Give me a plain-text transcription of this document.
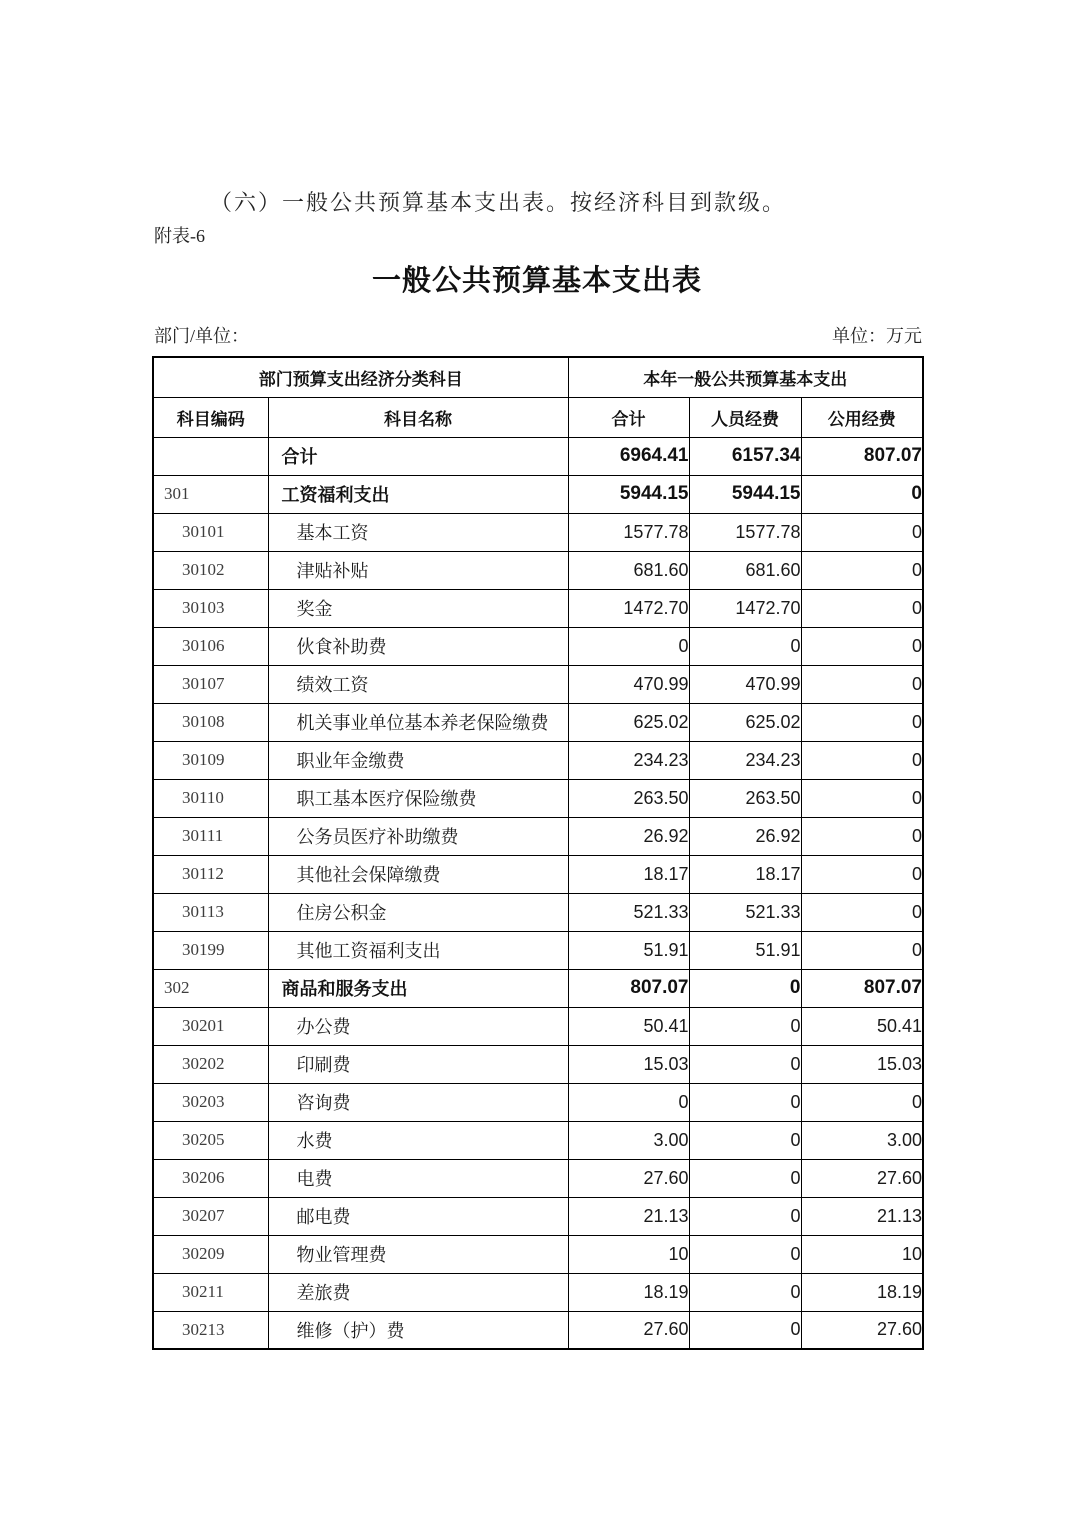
（六）一般公共预算基本支出表。按经济科目到款级。

附表-6

一般公共预算基本支出表
部门/单位：	单位：万元
部门预算支出经济分类科目		本年一般公共预算基本支出		
科目编码	科目名称	合计	人员经费	公用经费
	合计	6964.41	6157.34	807.07
301	工资福利支出	5944.15	5944.15	0
30101	基本工资	1577.78	1577.78	0
30102	津贴补贴	681.60	681.60	0
30103	奖金	1472.70	1472.70	0
30106	伙食补助费	0	0	0
30107	绩效工资	470.99	470.99	0
30108	机关事业单位基本养老保险缴费	625.02	625.02	0
30109	职业年金缴费	234.23	234.23	0
30110	职工基本医疗保险缴费	263.50	263.50	0
30111	公务员医疗补助缴费	26.92	26.92	0
30112	其他社会保障缴费	18.17	18.17	0
30113	住房公积金	521.33	521.33	0
30199	其他工资福利支出	51.91	51.91	0
302	商品和服务支出	807.07	0	807.07
30201	办公费	50.41	0	50.41
30202	印刷费	15.03	0	15.03
30203	咨询费	0	0	0
30205	水费	3.00	0	3.00
30206	电费	27.60	0	27.60
30207	邮电费	21.13	0	21.13
30209	物业管理费	10	0	10
30211	差旅费	18.19	0	18.19
30213	维修（护）费	27.60	0	27.60
